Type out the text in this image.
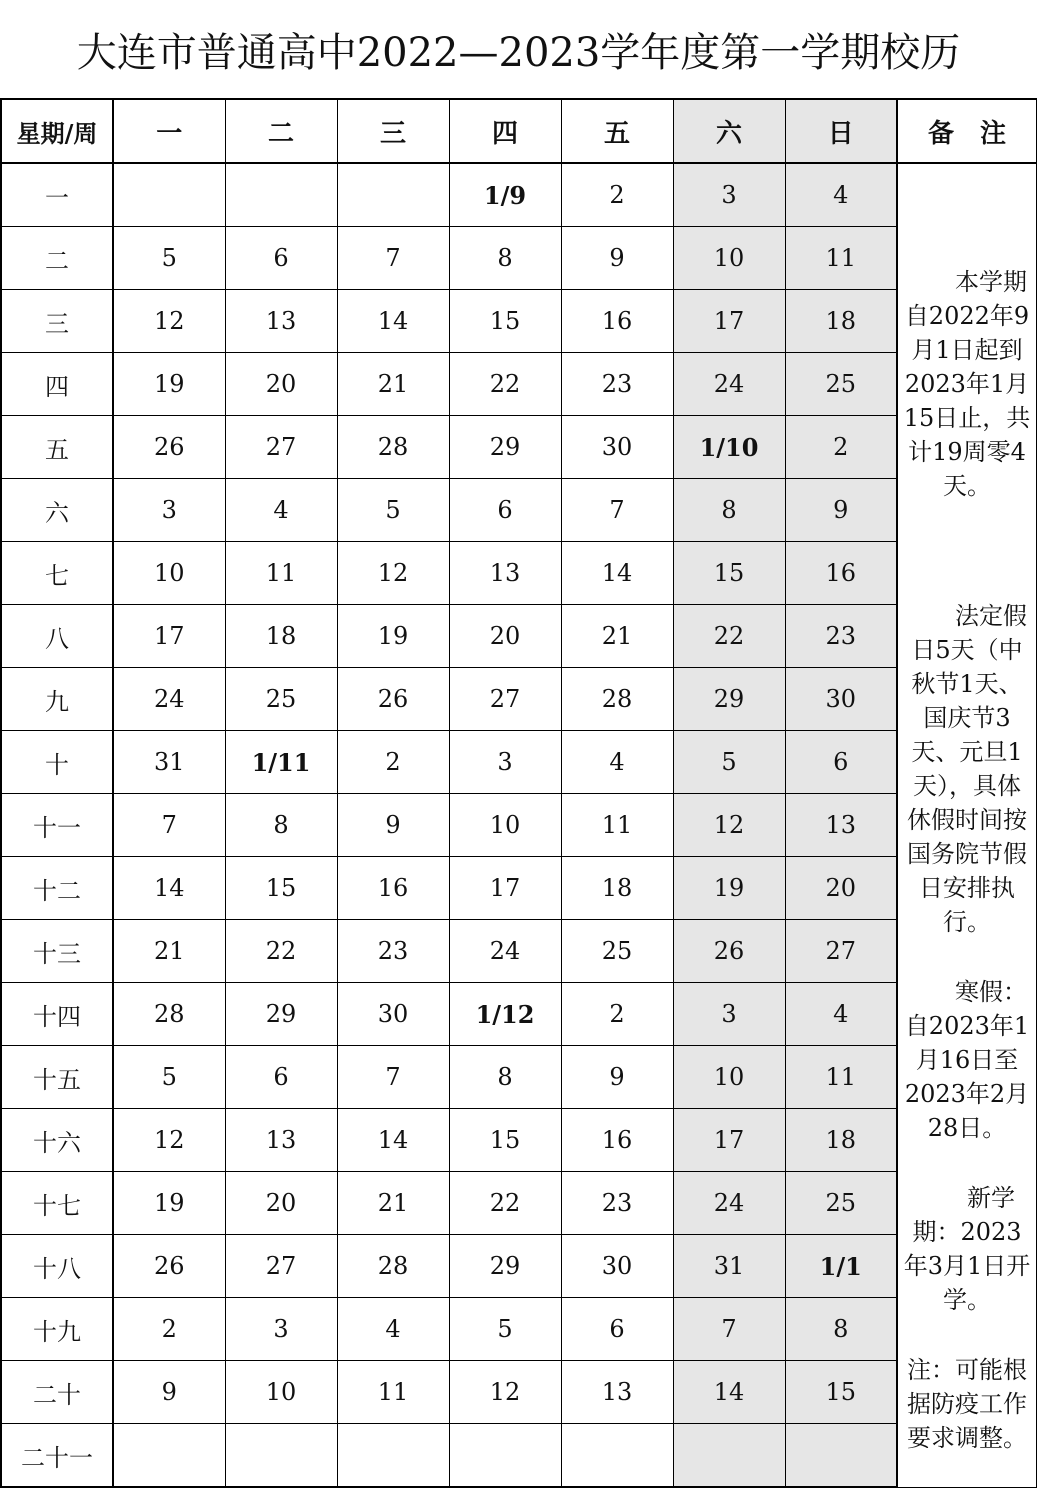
大连市普通高中2022—2023学年度第一学期校历
星期/周	一	二	三	四	五	六	日	备　注
一				1/9	2	3	4	本学期自2022年9月1日起到2023年1月15日止，共计19周零4天。
法定假日5天（中秋节1天、国庆节3天、元旦1天），具体休假时间按国务院节假日安排执行。
寒假：自2023年1月16日至2023年2月28日。
新学期：2023年3月1日开学。
注：可能根据防疫工作要求调整。

二	5	6	7	8	9	10	11	
三	12	13	14	15	16	17	18	
四	19	20	21	22	23	24	25	
五	26	27	28	29	30	1/10	2	
六	3	4	5	6	7	8	9	
七	10	11	12	13	14	15	16	
八	17	18	19	20	21	22	23	
九	24	25	26	27	28	29	30	
十	31	1/11	2	3	4	5	6	
十一	7	8	9	10	11	12	13	
十二	14	15	16	17	18	19	20	
十三	21	22	23	24	25	26	27	
十四	28	29	30	1/12	2	3	4	
十五	5	6	7	8	9	10	11	
十六	12	13	14	15	16	17	18	
十七	19	20	21	22	23	24	25	
十八	26	27	28	29	30	31	1/1	
十九	2	3	4	5	6	7	8	
二十	9	10	11	12	13	14	15	
二十一								
